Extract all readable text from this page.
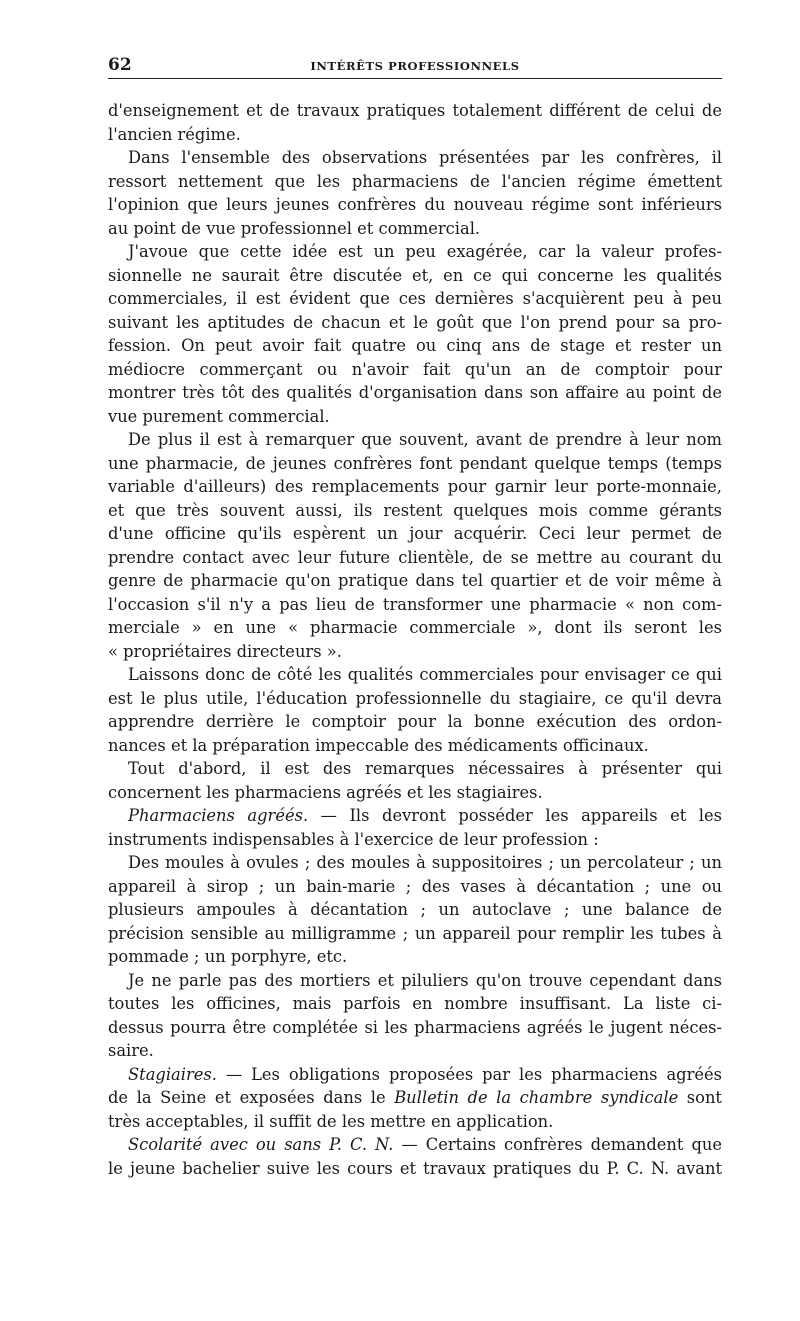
62	INTÉRÊTS PROFESSIONNELS
d'enseignement et de travaux pratiques totalement différent de celui de
l'ancien régime.
Dans l'ensemble des observations présentées par les confrères, il
ressort nettement que les pharmaciens de l'ancien régime émettent
l'opinion que leurs jeunes confrères du nouveau régime sont inférieurs
au point de vue professionnel et commercial.
J'avoue que cette idée est un peu exagérée, car la valeur profes-
sionnelle ne saurait être discutée et, en ce qui concerne les qualités
commerciales, il est évident que ces dernières s'acquièrent peu à peu
suivant les aptitudes de chacun et le goût que l'on prend pour sa pro-
fession. On peut avoir fait quatre ou cinq ans de stage et rester un
médiocre commerçant ou n'avoir fait qu'un an de comptoir pour
montrer très tôt des qualités d'organisation dans son affaire au point de
vue purement commercial.
De plus il est à remarquer que souvent, avant de prendre à leur nom
une pharmacie, de jeunes confrères font pendant quelque temps (temps
variable d'ailleurs) des remplacements pour garnir leur porte-monnaie,
et que très souvent aussi, ils restent quelques mois comme gérants
d'une officine qu'ils espèrent un jour acquérir. Ceci leur permet de
prendre contact avec leur future clientèle, de se mettre au courant du
genre de pharmacie qu'on pratique dans tel quartier et de voir même à
l'occasion s'il n'y a pas lieu de transformer une pharmacie « non com-
merciale » en une « pharmacie commerciale », dont ils seront les
« propriétaires directeurs ».
Laissons donc de côté les qualités commerciales pour envisager ce qui
est le plus utile, l'éducation professionnelle du stagiaire, ce qu'il devra
apprendre derrière le comptoir pour la bonne exécution des ordon-
nances et la préparation impeccable des médicaments officinaux.
Tout d'abord, il est des remarques nécessaires à présenter qui
concernent les pharmaciens agréés et les stagiaires.
Pharmaciens agréés. — Ils devront posséder les appareils et les
instruments indispensables à l'exercice de leur profession :
Des moules à ovules ; des moules à suppositoires ; un percolateur ; un
appareil à sirop ; un bain-marie ; des vases à décantation ; une ou
plusieurs ampoules à décantation ; un autoclave ; une balance de
précision sensible au milligramme ; un appareil pour remplir les tubes à
pommade ; un porphyre, etc.
Je ne parle pas des mortiers et piluliers qu'on trouve cependant dans
toutes les officines, mais parfois en nombre insuffisant. La liste ci-
dessus pourra être complétée si les pharmaciens agréés le jugent néces-
saire.
Stagiaires. — Les obligations proposées par les pharmaciens agréés
de la Seine et exposées dans le Bulletin de la chambre syndicale sont
très acceptables, il suffit de les mettre en application.
Scolarité avec ou sans P. C. N. — Certains confrères demandent que
le jeune bachelier suive les cours et travaux pratiques du P. C. N. avant
